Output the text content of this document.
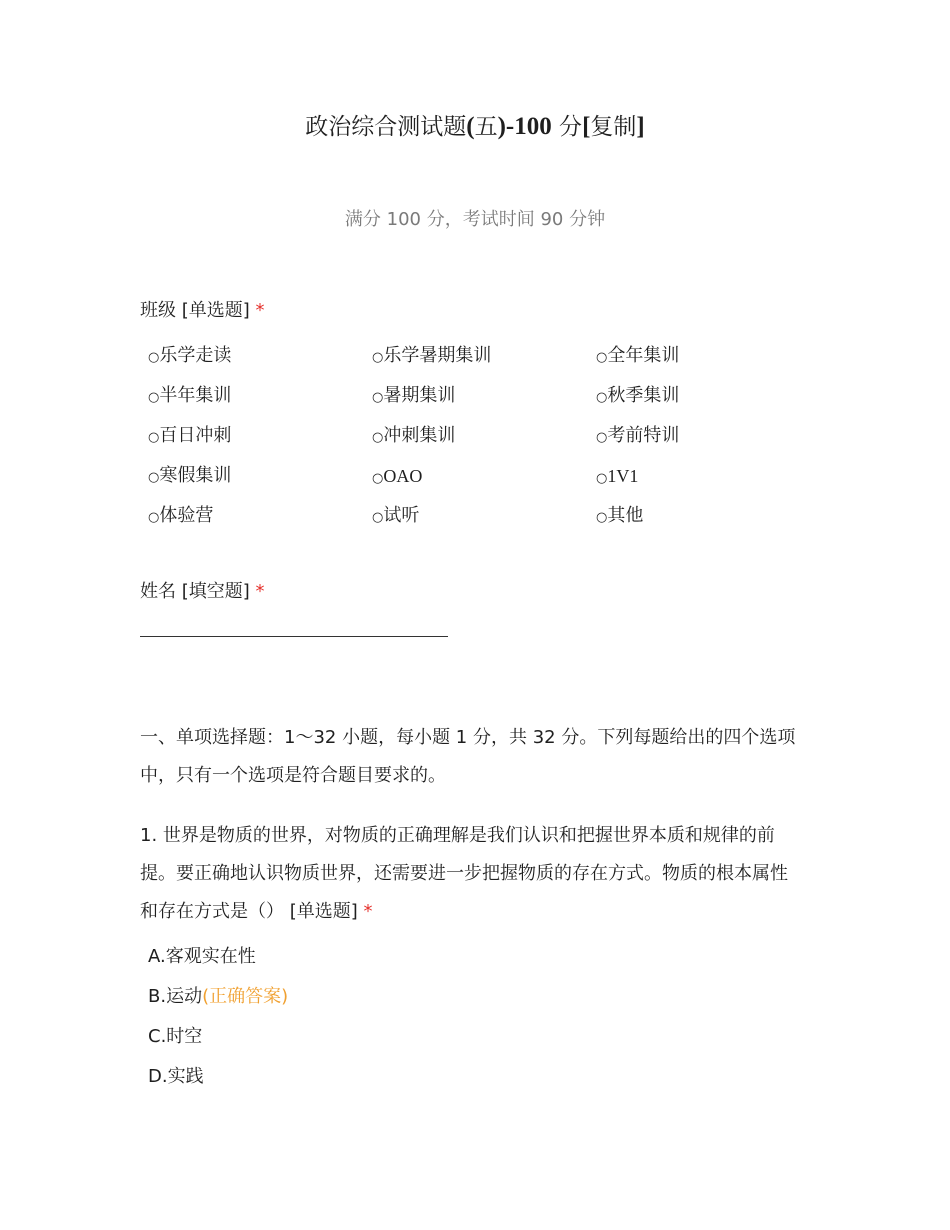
政治综合测试题(五)-100 分[复制]
满分 100 分，考试时间 90 分钟
班级 [单选题] *
○乐学走读	○乐学暑期集训	○全年集训
○半年集训	○暑期集训	○秋季集训
○百日冲刺	○冲刺集训	○考前特训
○寒假集训	○OAO	○1V1
○体验营	○试听	○其他
姓名 [填空题] *
一、单项选择题：1～32 小题，每小题 1 分，共 32 分。下列每题给出的四个选项
中，只有一个选项是符合题目要求的。
1. 世界是物质的世界，对物质的正确理解是我们认识和把握世界本质和规律的前
提。要正确地认识物质世界，还需要进一步把握物质的存在方式。物质的根本属性
和存在方式是（） [单选题] *
A.客观实在性
B.运动(正确答案)
C.时空
D.实践
